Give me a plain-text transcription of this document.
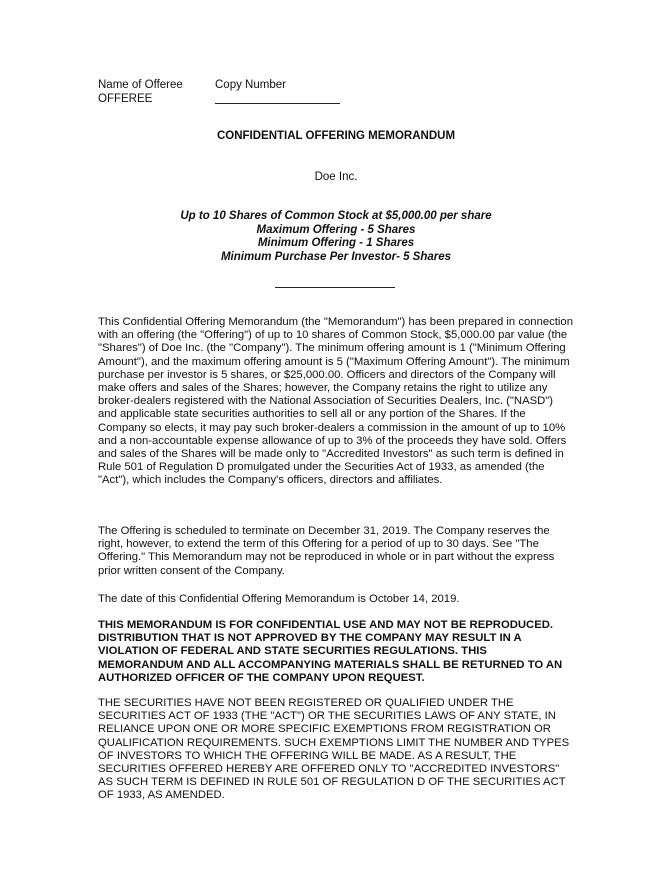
Name of Offeree	Copy Number
OFFEREE
CONFIDENTIAL OFFERING MEMORANDUM
Doe Inc.
Up to 10 Shares of Common Stock at $5,000.00 per share
Maximum Offering - 5 Shares
Minimum Offering - 1 Shares
Minimum Purchase Per Investor- 5 Shares

This Confidential Offering Memorandum (the "Memorandum") has been prepared in connection with an offering (the "Offering") of up to 10 shares of Common Stock, $5,000.00 par value (the "Shares") of Doe Inc. (the "Company"). The minimum offering amount is 1 ("Minimum Offering Amount"), and the maximum offering amount is 5 ("Maximum Offering Amount"). The minimum purchase per investor is 5 shares, or $25,000.00. Officers and directors of the Company will make offers and sales of the Shares; however, the Company retains the right to utilize any broker-dealers registered with the National Association of Securities Dealers, Inc. ("NASD") and applicable state securities authorities to sell all or any portion of the Shares. If the Company so elects, it may pay such broker-dealers a commission in the amount of up to 10% and a non-accountable expense allowance of up to 3% of the proceeds they have sold. Offers and sales of the Shares will be made only to "Accredited Investors" as such term is defined in Rule 501 of Regulation D promulgated under the Securities Act of 1933, as amended (the "Act"), which includes the Company's officers, directors and affiliates.

The Offering is scheduled to terminate on December 31, 2019. The Company reserves the right, however, to extend the term of this Offering for a period of up to 30 days. See "The Offering." This Memorandum may not be reproduced in whole or in part without the express prior written consent of the Company.

The date of this Confidential Offering Memorandum is October 14, 2019.

THIS MEMORANDUM IS FOR CONFIDENTIAL USE AND MAY NOT BE REPRODUCED. DISTRIBUTION THAT IS NOT APPROVED BY THE COMPANY MAY RESULT IN A VIOLATION OF FEDERAL AND STATE SECURITIES REGULATIONS. THIS MEMORANDUM AND ALL ACCOMPANYING MATERIALS SHALL BE RETURNED TO AN AUTHORIZED OFFICER OF THE COMPANY UPON REQUEST.

THE SECURITIES HAVE NOT BEEN REGISTERED OR QUALIFIED UNDER THE SECURITIES ACT OF 1933 (THE "ACT") OR THE SECURITIES LAWS OF ANY STATE, IN RELIANCE UPON ONE OR MORE SPECIFIC EXEMPTIONS FROM REGISTRATION OR QUALIFICATION REQUIREMENTS. SUCH EXEMPTIONS LIMIT THE NUMBER AND TYPES OF INVESTORS TO WHICH THE OFFERING WILL BE MADE. AS A RESULT, THE SECURITIES OFFERED HEREBY ARE OFFERED ONLY TO "ACCREDITED INVESTORS" AS SUCH TERM IS DEFINED IN RULE 501 OF REGULATION D OF THE SECURITIES ACT OF 1933, AS AMENDED.
